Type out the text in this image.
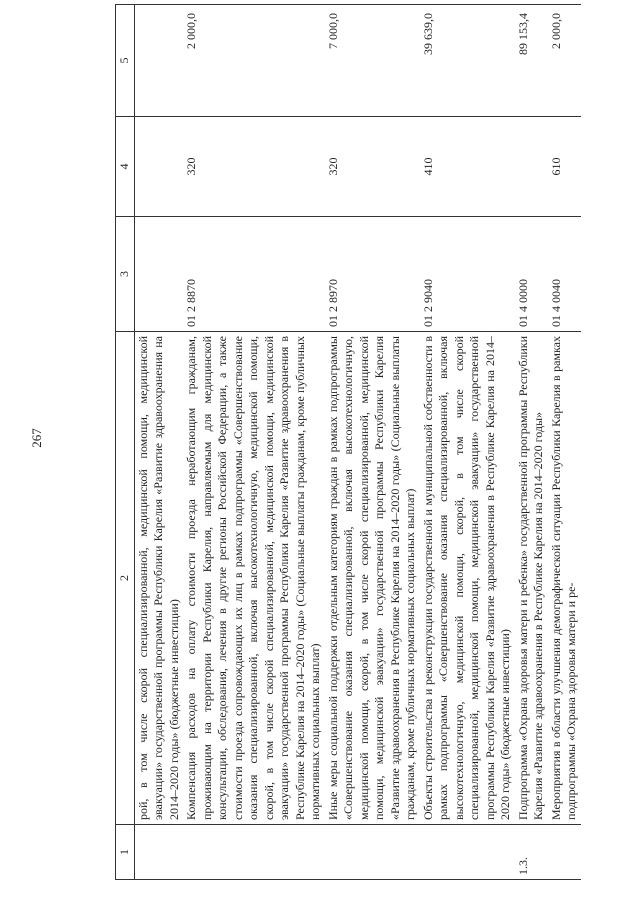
267
1	2	3	4	5
	рой, в том числе скорой специализированной, медицинской помощи, медицинской эвакуации» государственной программы Республики Карелия «Развитие здравоохранения на 2014–2020 годы» (бюджетные инвестиции)			
	Компенсация расходов на оплату стоимости проезда неработающим гражданам, проживающим на территории Республики Карелия, направляемым для медицинской консультации, обследования, лечения в другие регионы Российской Федерации, а также стоимости проезда сопровождающих их лиц в рамках подпрограммы «Совершенствование оказания специализированной, включая высокотехнологичную, медицинской помощи, скорой, в том числе скорой специализированной, медицинской помощи, медицинской эвакуации» государственной программы Республики Карелия «Развитие здравоохранения в Республике Карелия на 2014–2020 годы» (Социальные выплаты гражданам, кроме публичных нормативных социальных выплат)	01 2 8870	320	2 000,0
	Иные меры социальной поддержки отдельным категориям граждан в рамках подпрограммы «Совершенствование оказания специализированной, включая высокотехнологичную, медицинской помощи, скорой, в том числе скорой специализированной, медицинской помощи, медицинской эвакуации» государственной программы Республики Карелия «Развитие здравоохранения в Республике Карелия на 2014–2020 годы» (Социальные выплаты гражданам, кроме публичных нормативных социальных выплат)	01 2 8970	320	7 000,0
	Объекты строительства и реконструкции государственной и муниципальной собственности в рамках подпрограммы «Совершенствование оказания специализированной, включая высокотехнологичную, медицинской помощи, скорой, в том числе скорой специализированной, медицинской помощи, медицинской эвакуации» государственной программы Республики Карелия «Развитие здравоохранения в Республике Карелия на 2014–2020 годы» (бюджетные инвестиции)	01 2 9040	410	39 639,0
1.3.	Подпрограмма «Охрана здоровья матери и ребенка» государственной программы Республики Карелия «Развитие здравоохранения в Республике Карелия на 2014–2020 годы»	01 4 0000		89 153,4
	Мероприятия в области улучшения демографической ситуации Республики Карелия в рамках подпрограммы «Охрана здоровья матери и ре-	01 4 0040	610	2 000,0
